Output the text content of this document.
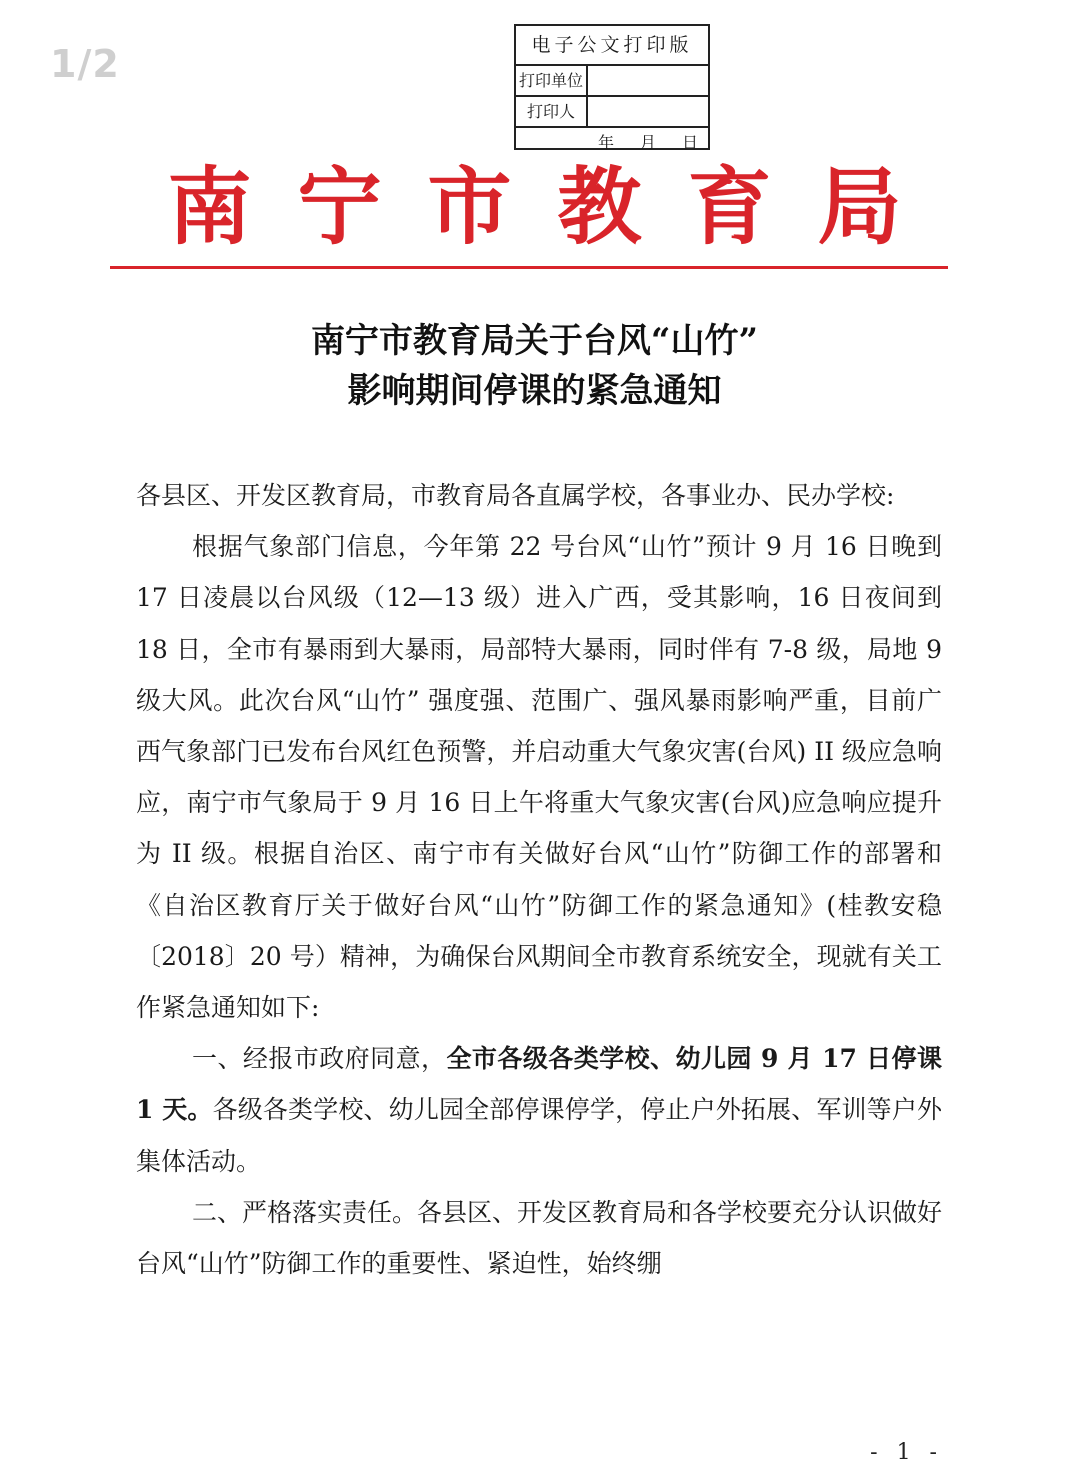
1/2	电子公文打印版
打印单位
打印人
年 月 日
南宁市教育局
南宁市教育局关于台风“山竹”
影响期间停课的紧急通知

各县区、开发区教育局，市教育局各直属学校，各事业办、民办学校:

根据气象部门信息，今年第 22 号台风“山竹”预计 9 月 16 日晚到 17 日凌晨以台风级（12—13 级）进入广西，受其影响，16 日夜间到 18 日，全市有暴雨到大暴雨，局部特大暴雨，同时伴有 7-8 级，局地 9 级大风。此次台风“山竹” 强度强、范围广、强风暴雨影响严重，目前广西气象部门已发布台风红色预警，并启动重大气象灾害(台风) II 级应急响应，南宁市气象局于 9 月 16 日上午将重大气象灾害(台风)应急响应提升为 II 级。根据自治区、南宁市有关做好台风“山竹”防御工作的部署和《自治区教育厅关于做好台风“山竹”防御工作的紧急通知》(桂教安稳〔2018〕20 号）精神，为确保台风期间全市教育系统安全，现就有关工作紧急通知如下:

一、经报市政府同意，全市各级各类学校、幼儿园 9 月 17 日停课 1 天。各级各类学校、幼儿园全部停课停学，停止户外拓展、军训等户外集体活动。

二、严格落实责任。各县区、开发区教育局和各学校要充分认识做好台风“山竹”防御工作的重要性、紧迫性，始终绷

- 1 -
